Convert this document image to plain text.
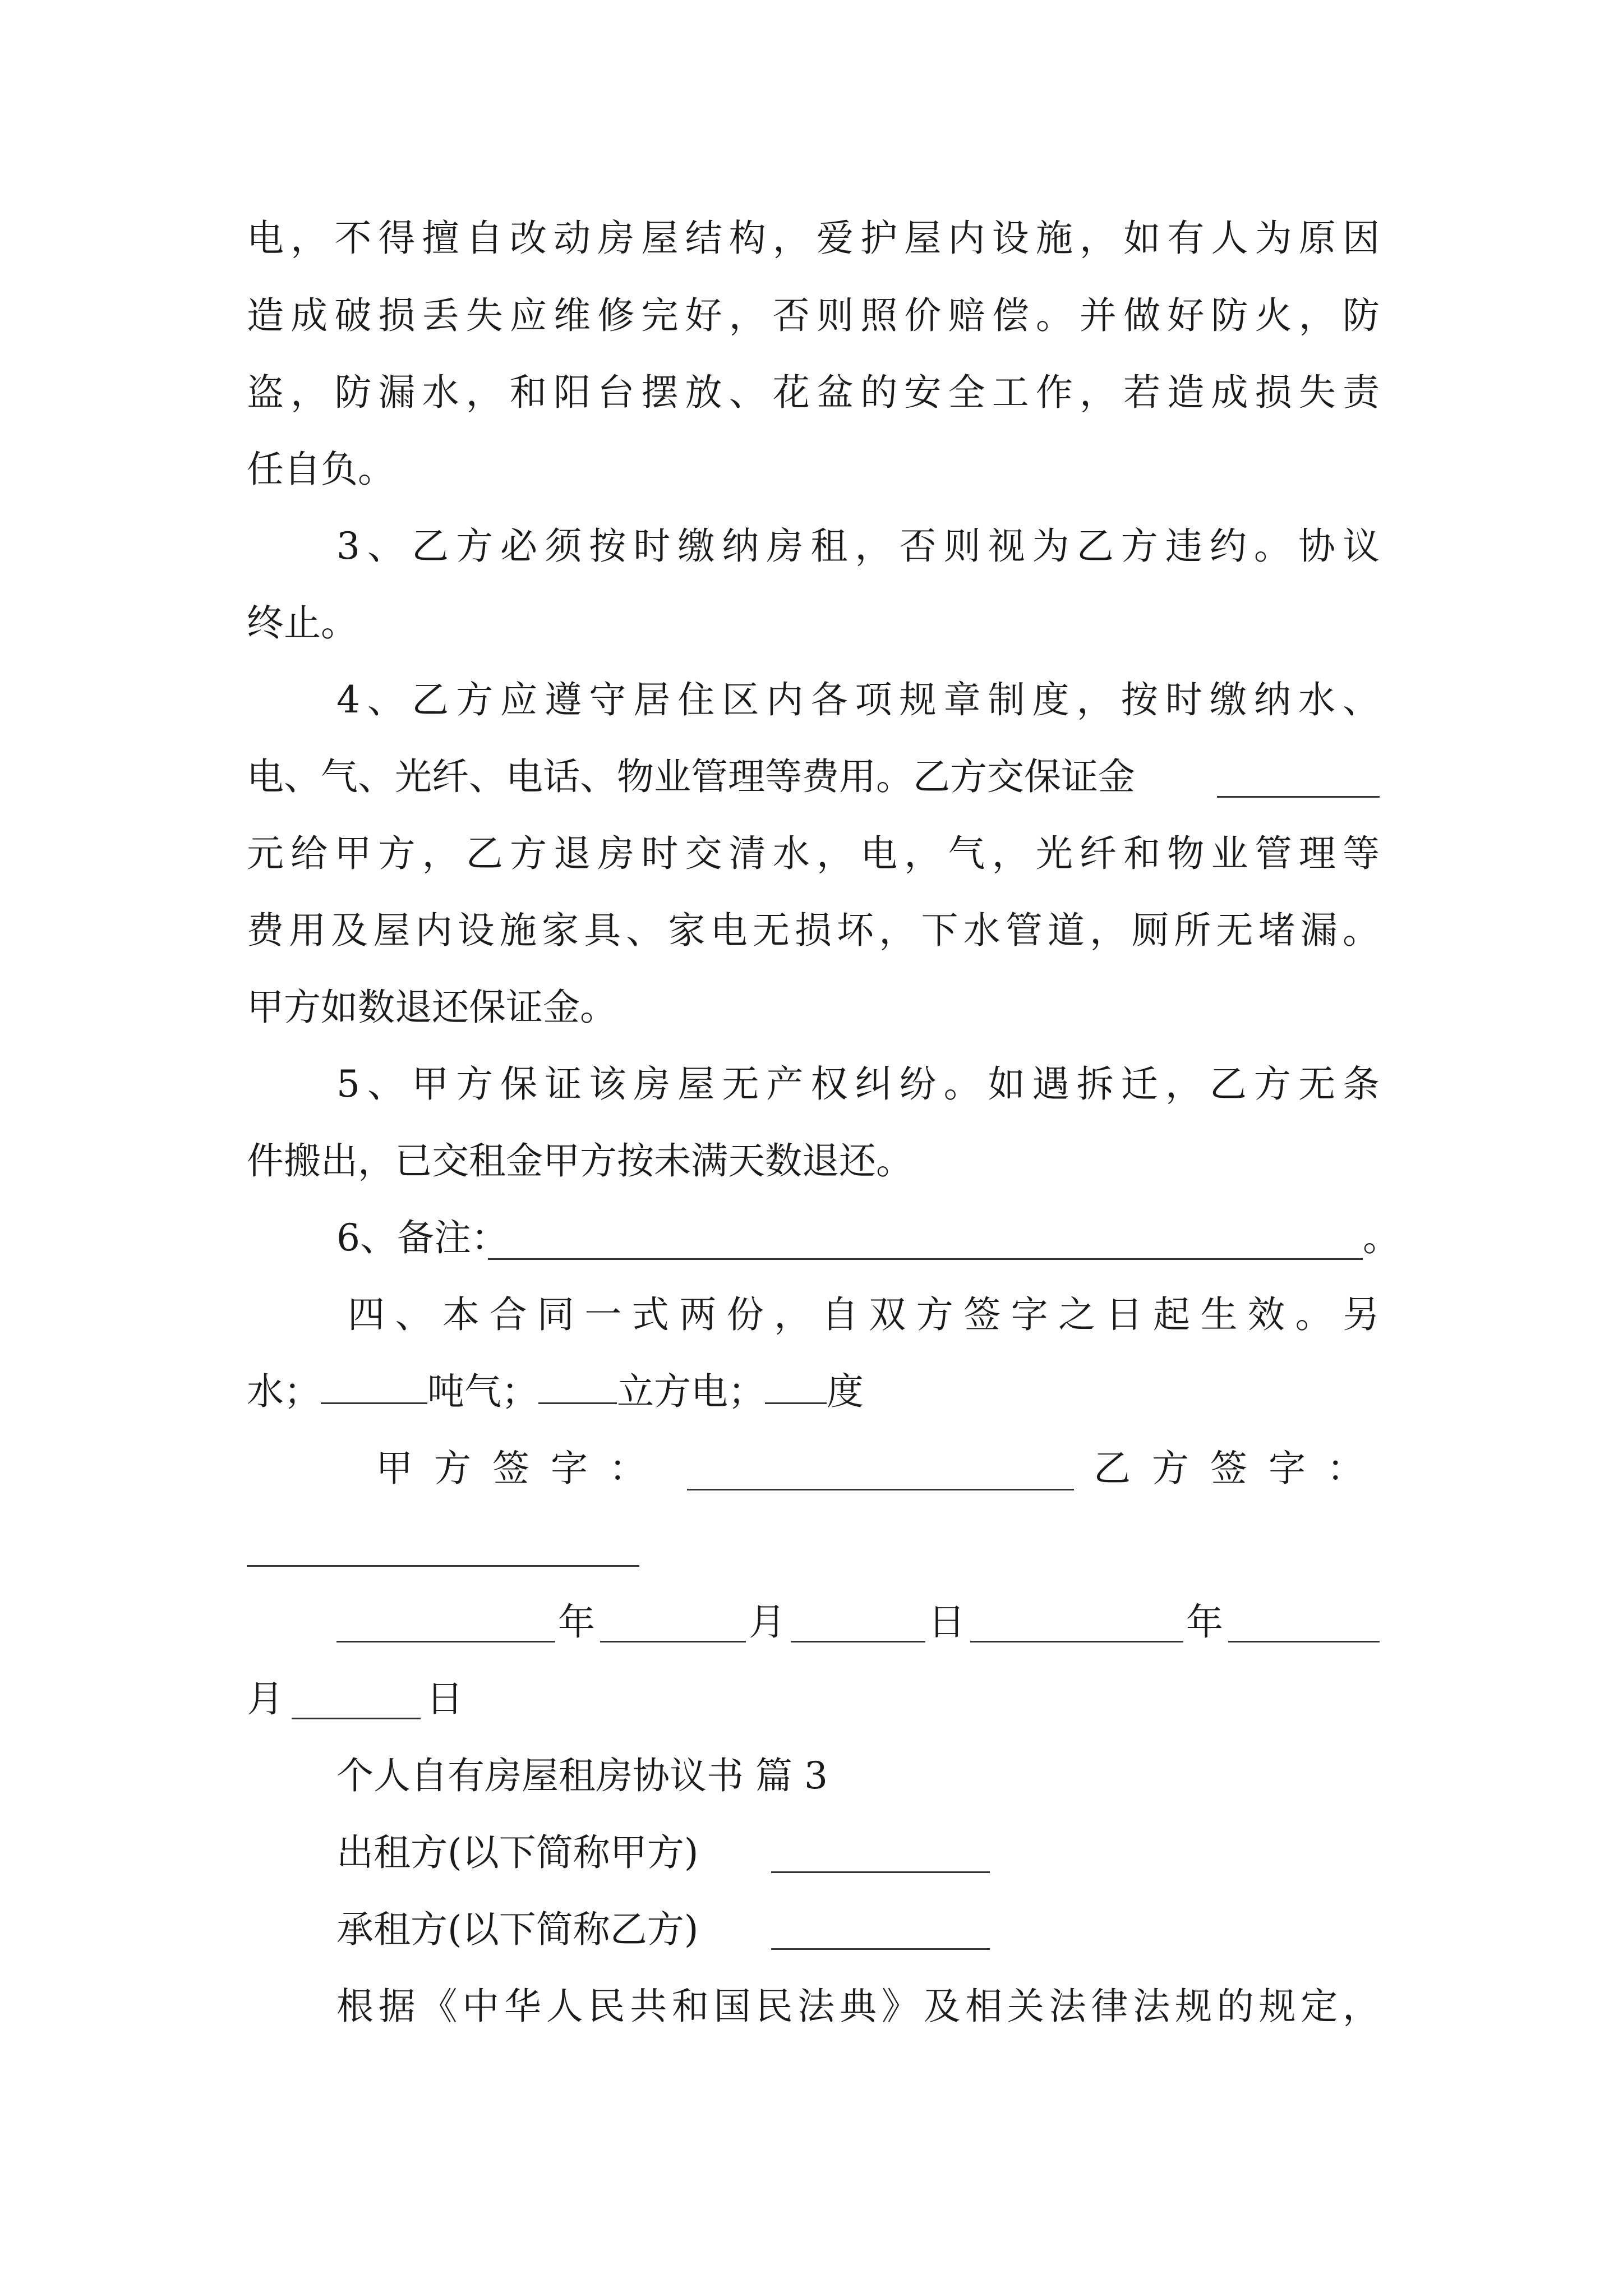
电，不得擅自改动房屋结构，爱护屋内设施，如有人为原因
造成破损丢失应维修完好，否则照价赔偿。并做好防火，防
盗，防漏水，和阳台摆放、花盆的安全工作，若造成损失责
任自负。
3、乙方必须按时缴纳房租，否则视为乙方违约。协议
终止。
4、乙方应遵守居住区内各项规章制度，按时缴纳水、
电、气、光纤、电话、物业管理等费用。乙方交保证金
元给甲方，乙方退房时交清水，电，气，光纤和物业管理等
费用及屋内设施家具、家电无损坏，下水管道，厕所无堵漏。
甲方如数退还保证金。
5、甲方保证该房屋无产权纠纷。如遇拆迁，乙方无条
件搬出，已交租金甲方按未满天数退还。
6、备注：	。
四、本合同一式两份，自双方签字之日起生效。另
水；	吨气； 立方电； 度
甲方签字：	乙方签字：
年	月	日	年
月	日
个人自有房屋租房协议书 篇 3
出租方(以下简称甲方)
承租方(以下简称乙方)
根据《中华人民共和国民法典》及相关法律法规的规定，
